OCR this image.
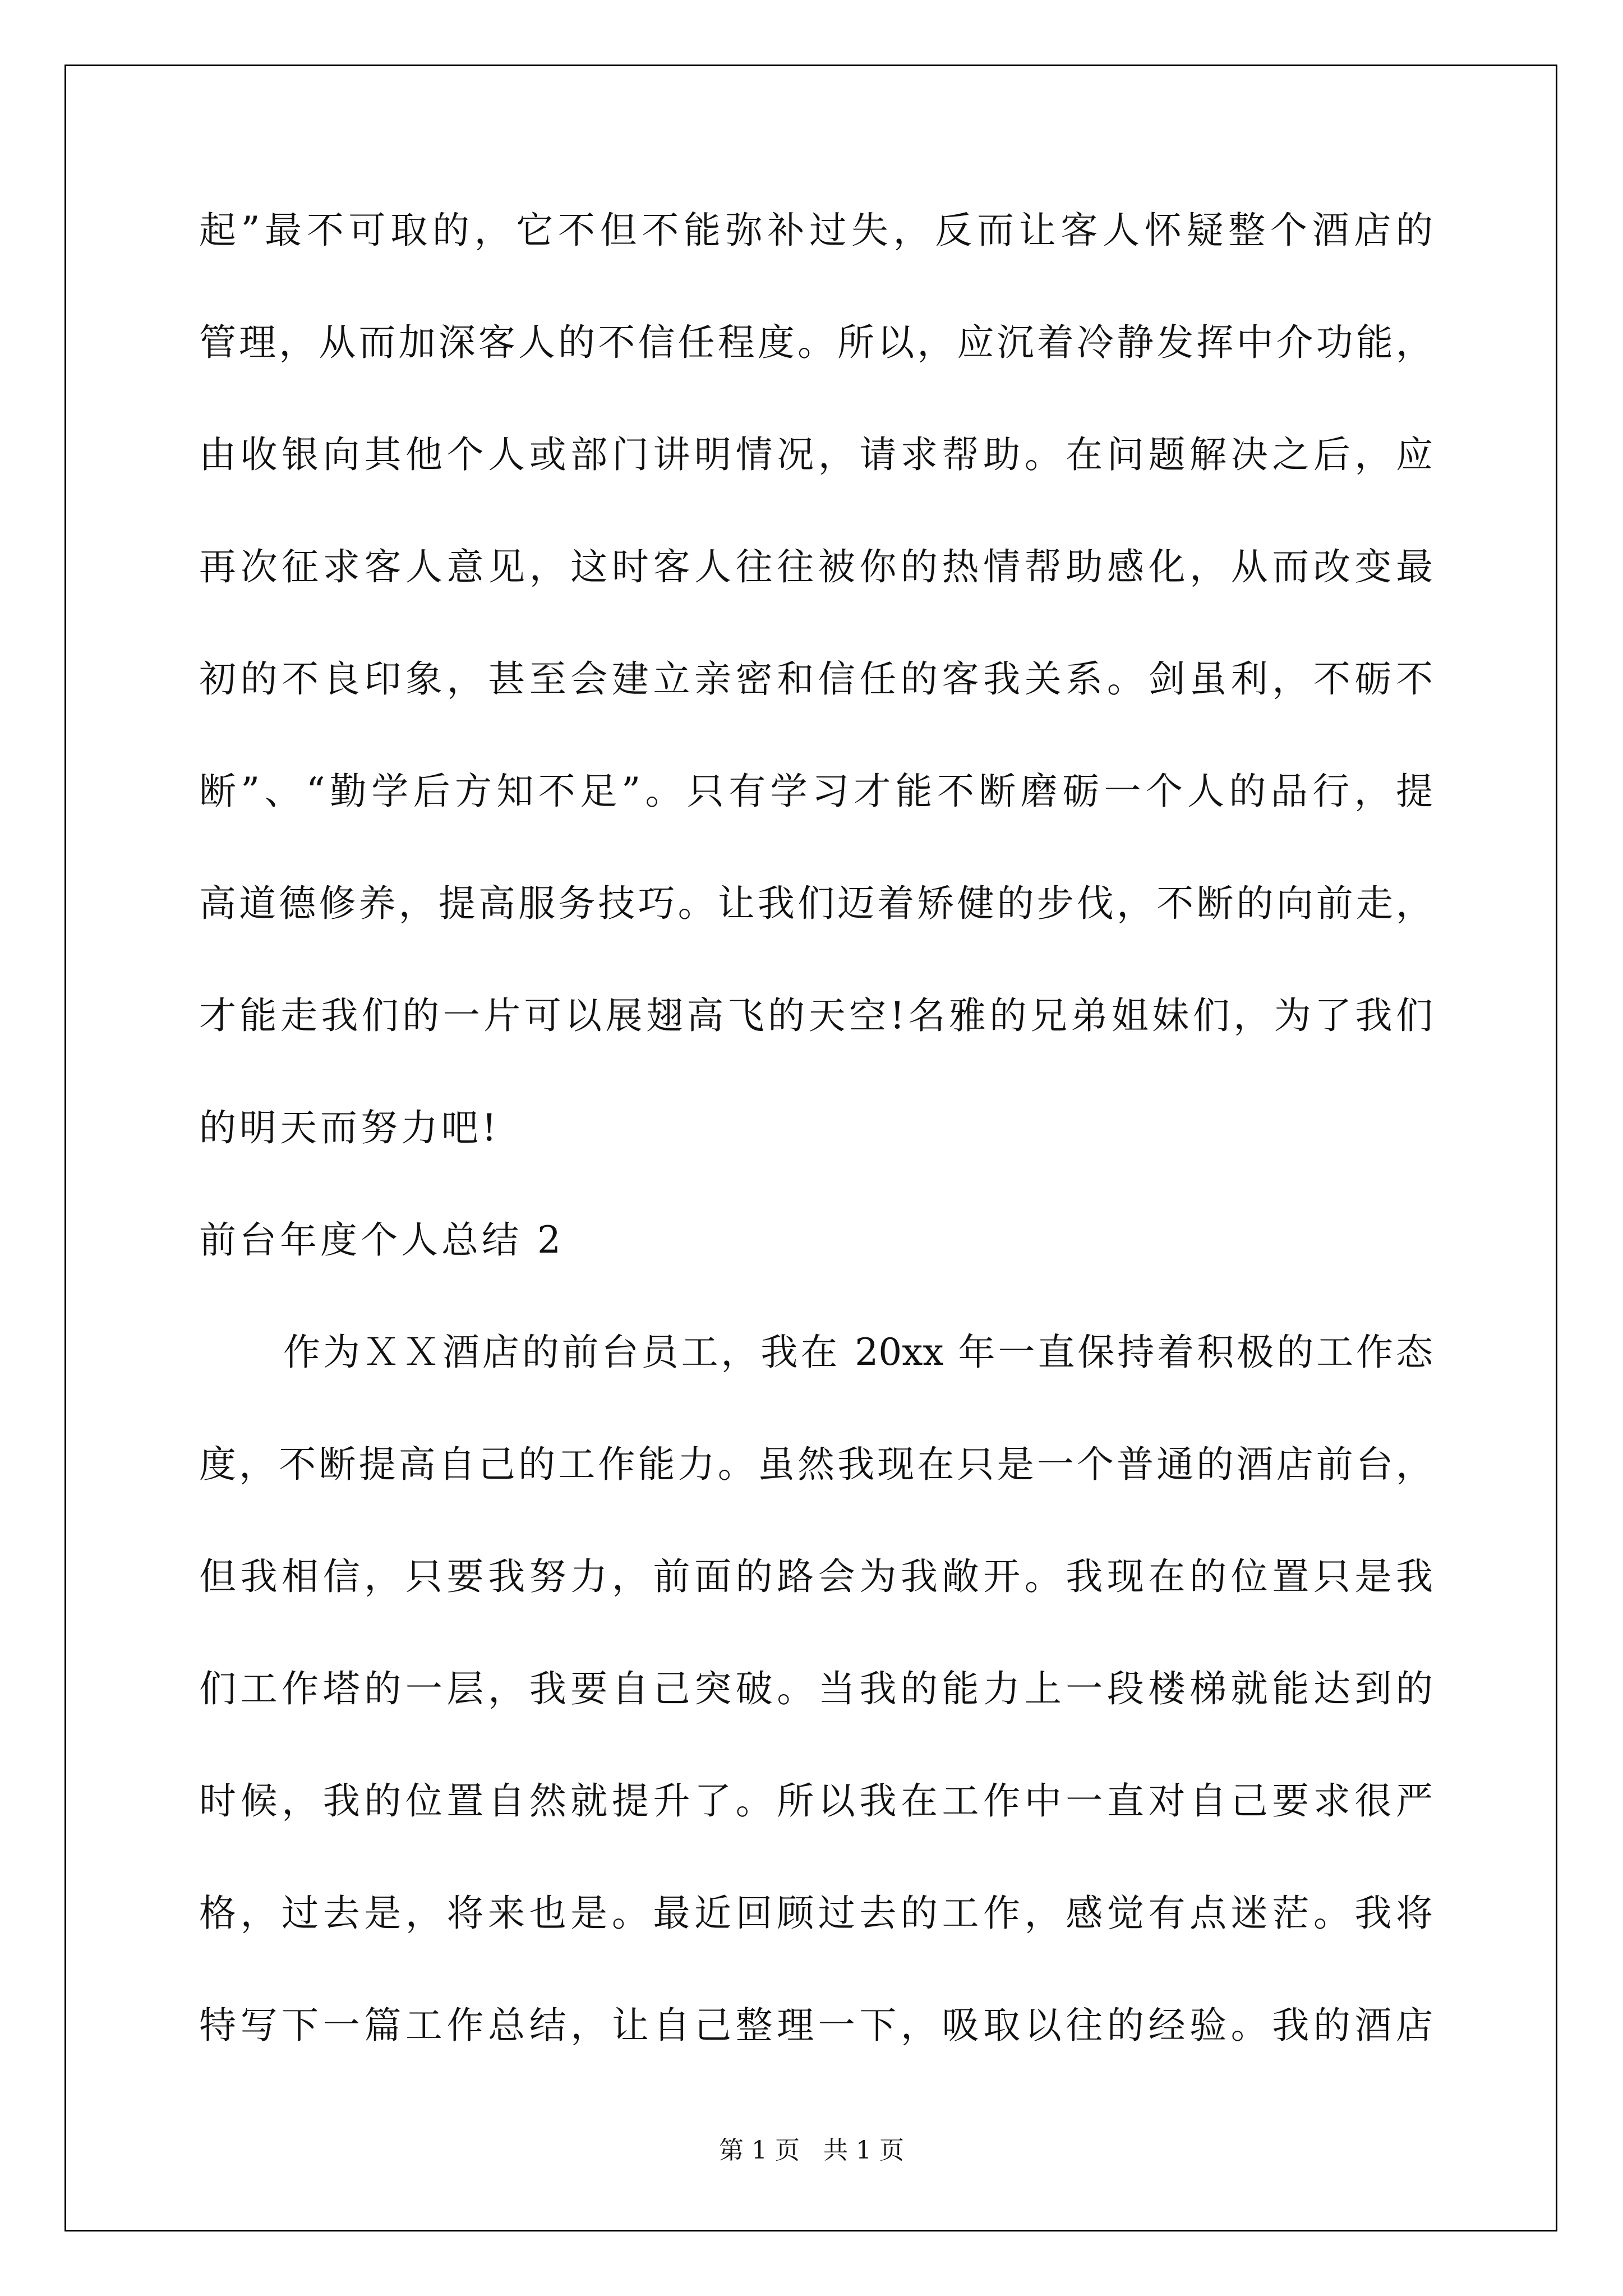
起”最不可取的，它不但不能弥补过失，反而让客人怀疑整个酒店的
管理，从而加深客人的不信任程度。所以，应沉着冷静发挥中介功能，
由收银向其他个人或部门讲明情况，请求帮助。在问题解决之后，应
再次征求客人意见，这时客人往往被你的热情帮助感化，从而改变最
初的不良印象，甚至会建立亲密和信任的客我关系。剑虽利，不砺不
断”、“勤学后方知不足”。只有学习才能不断磨砺一个人的品行，提
高道德修养，提高服务技巧。让我们迈着矫健的步伐，不断的向前走，
才能走我们的一片可以展翅高飞的天空!名雅的兄弟姐妹们，为了我们
的明天而努力吧!
前台年度个人总结 2
作为ＸＸ酒店的前台员工，我在 20xx 年一直保持着积极的工作态
度，不断提高自己的工作能力。虽然我现在只是一个普通的酒店前台，
但我相信，只要我努力，前面的路会为我敞开。我现在的位置只是我
们工作塔的一层，我要自己突破。当我的能力上一段楼梯就能达到的
时候，我的位置自然就提升了。所以我在工作中一直对自己要求很严
格，过去是，将来也是。最近回顾过去的工作，感觉有点迷茫。我将
特写下一篇工作总结，让自己整理一下，吸取以往的经验。我的酒店
第 1 页   共 1 页
